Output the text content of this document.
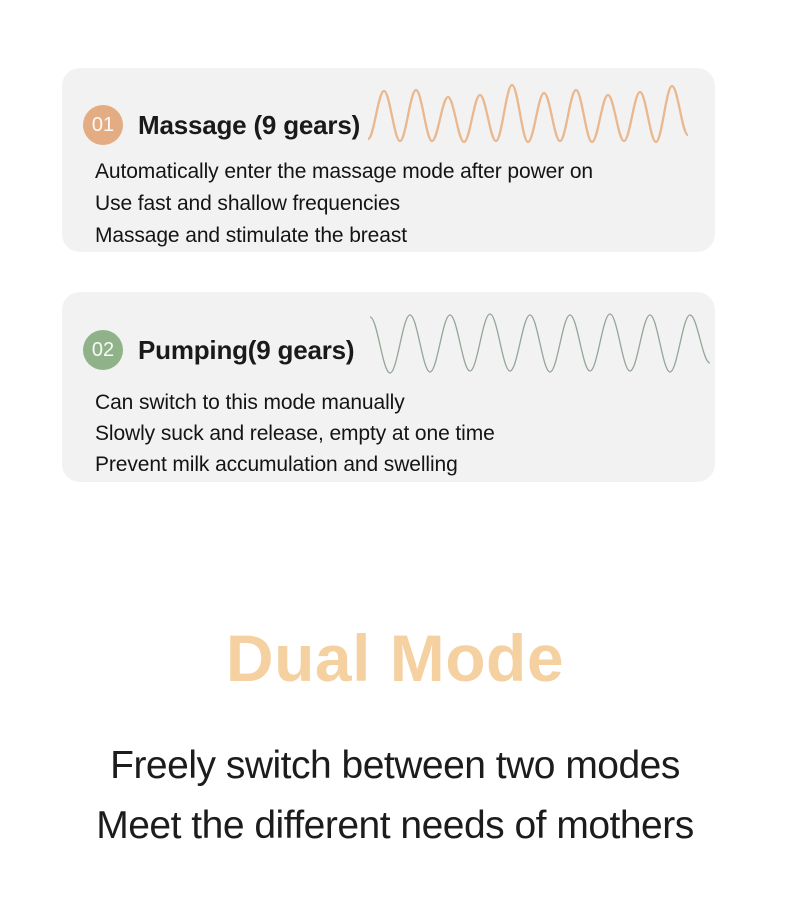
01 Massage (9 gears)
Automatically enter the massage mode after power on
Use fast and shallow frequencies
Massage and stimulate the breast
02 Pumping(9 gears)
Can switch to this mode manually
Slowly suck and release, empty at one time
Prevent milk accumulation and swelling
Dual Mode
Freely switch between two modes
Meet the different needs of mothers
